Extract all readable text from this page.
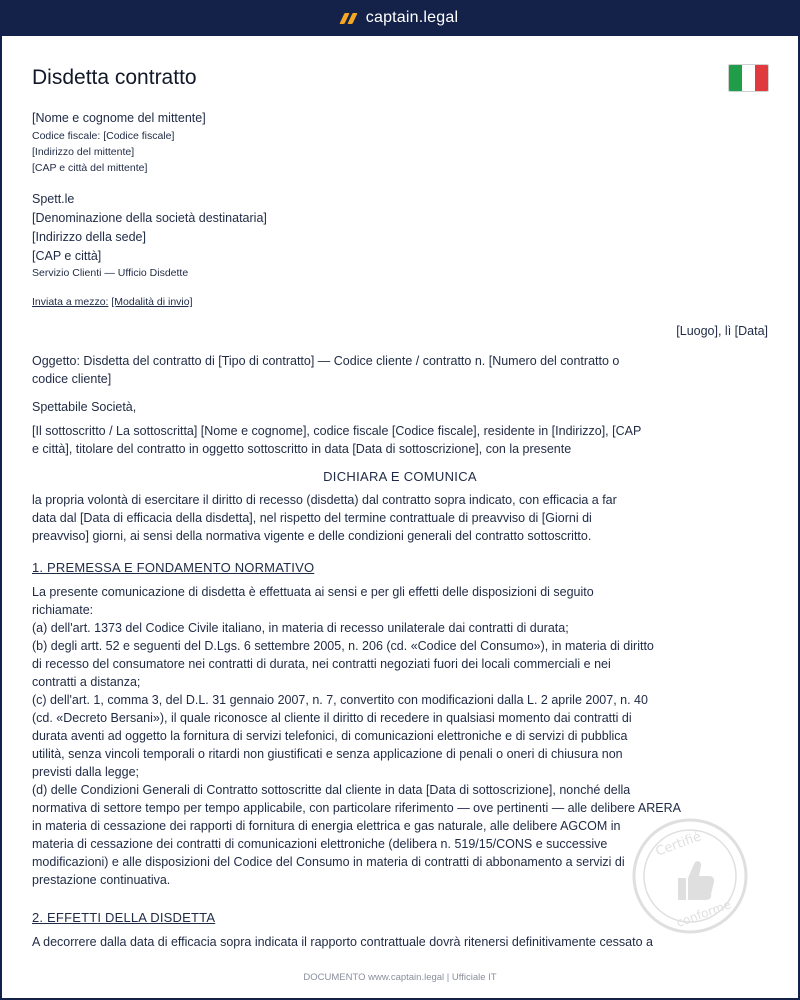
captain.legal
Disdetta contratto
[Nome e cognome del mittente]
Codice fiscale: [Codice fiscale]
[Indirizzo del mittente]
[CAP e città del mittente]
Spett.le
[Denominazione della società destinataria]
[Indirizzo della sede]
[CAP e città]
Servizio Clienti — Ufficio Disdette
Inviata a mezzo: [Modalità di invio]
[Luogo], lì [Data]
Oggetto: Disdetta del contratto di [Tipo di contratto] — Codice cliente / contratto n. [Numero del contratto o
codice cliente]
Spettabile Società,
[Il sottoscritto / La sottoscritta] [Nome e cognome], codice fiscale [Codice fiscale], residente in [Indirizzo], [CAP
e città], titolare del contratto in oggetto sottoscritto in data [Data di sottoscrizione], con la presente
DICHIARA E COMUNICA
la propria volontà di esercitare il diritto di recesso (disdetta) dal contratto sopra indicato, con efficacia a far
data dal [Data di efficacia della disdetta], nel rispetto del termine contrattuale di preavviso di [Giorni di
preavviso] giorni, ai sensi della normativa vigente e delle condizioni generali del contratto sottoscritto.
1. PREMESSA E FONDAMENTO NORMATIVO
La presente comunicazione di disdetta è effettuata ai sensi e per gli effetti delle disposizioni di seguito
richiamate:
(a) dell'art. 1373 del Codice Civile italiano, in materia di recesso unilaterale dai contratti di durata;
(b) degli artt. 52 e seguenti del D.Lgs. 6 settembre 2005, n. 206 (cd. «Codice del Consumo»), in materia di diritto
di recesso del consumatore nei contratti di durata, nei contratti negoziati fuori dei locali commerciali e nei
contratti a distanza;
(c) dell'art. 1, comma 3, del D.L. 31 gennaio 2007, n. 7, convertito con modificazioni dalla L. 2 aprile 2007, n. 40
(cd. «Decreto Bersani»), il quale riconosce al cliente il diritto di recedere in qualsiasi momento dai contratti di
durata aventi ad oggetto la fornitura di servizi telefonici, di comunicazioni elettroniche e di servizi di pubblica
utilità, senza vincoli temporali o ritardi non giustificati e senza applicazione di penali o oneri di chiusura non
previsti dalla legge;
(d) delle Condizioni Generali di Contratto sottoscritte dal cliente in data [Data di sottoscrizione], nonché della
normativa di settore tempo per tempo applicabile, con particolare riferimento — ove pertinenti — alle delibere ARERA
in materia di cessazione dei rapporti di fornitura di energia elettrica e gas naturale, alle delibere AGCOM in
materia di cessazione dei contratti di comunicazioni elettroniche (delibera n. 519/15/CONS e successive
modificazioni) e alle disposizioni del Codice del Consumo in materia di contratti di abbonamento a servizi di
prestazione continuativa.
2. EFFETTI DELLA DISDETTA
A decorrere dalla data di efficacia sopra indicata il rapporto contrattuale dovrà ritenersi definitivamente cessato a
Certifié
conforme
DOCUMENTO www.captain.legal | Ufficiale IT
